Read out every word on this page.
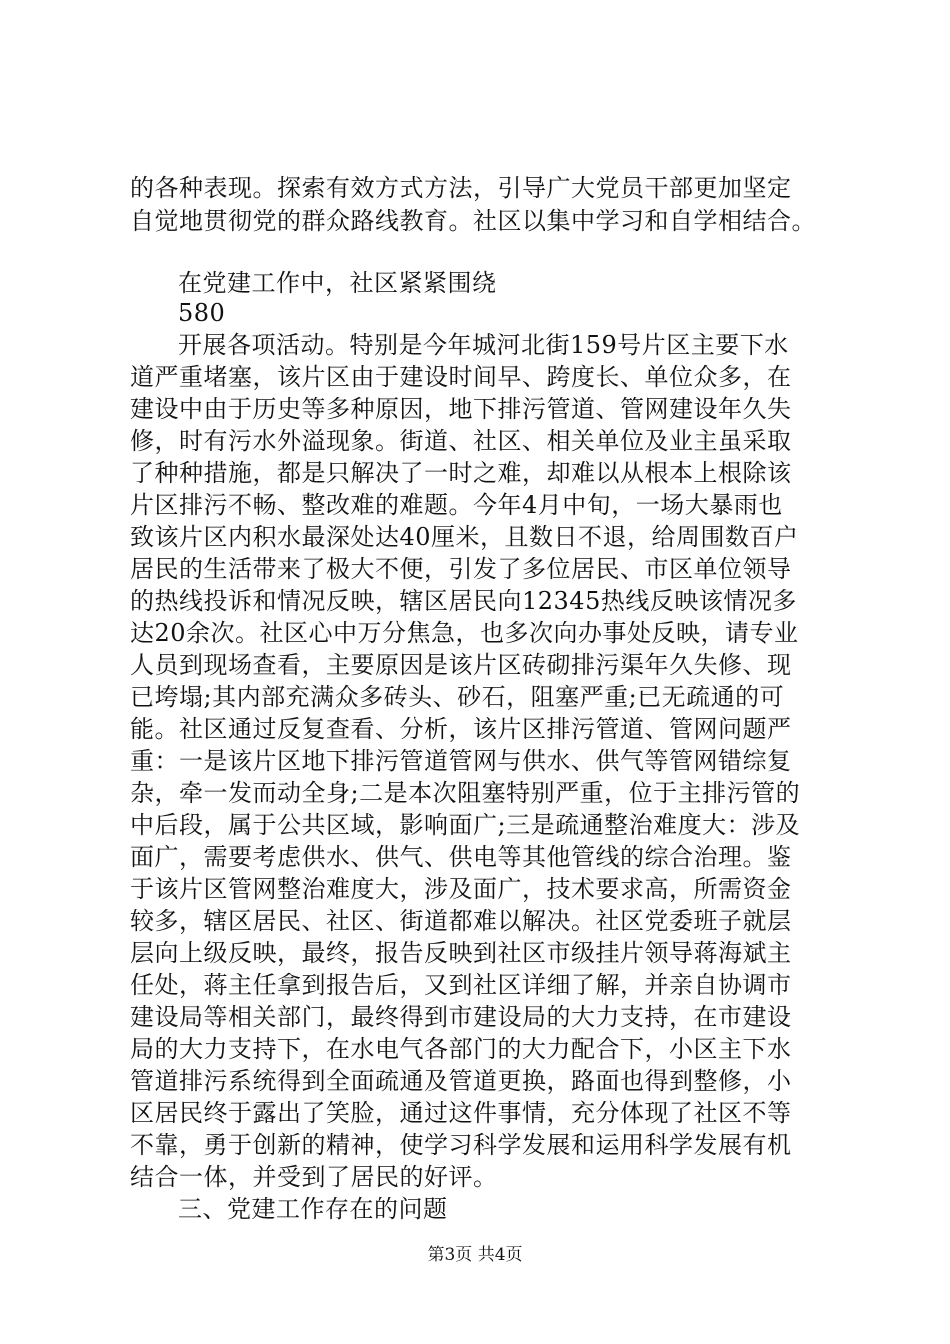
的各种表现。探索有效方式方法，引导广大党员干部更加坚定
自觉地贯彻党的群众路线教育。社区以集中学习和自学相结合。
在党建工作中，社区紧紧围绕
580
开展各项活动。特别是今年城河北街159号片区主要下水
道严重堵塞，该片区由于建设时间早、跨度长、单位众多，在
建设中由于历史等多种原因，地下排污管道、管网建设年久失
修，时有污水外溢现象。街道、社区、相关单位及业主虽采取
了种种措施，都是只解决了一时之难，却难以从根本上根除该
片区排污不畅、整改难的难题。今年4月中旬，一场大暴雨也
致该片区内积水最深处达40厘米，且数日不退，给周围数百户
居民的生活带来了极大不便，引发了多位居民、市区单位领导
的热线投诉和情况反映，辖区居民向12345热线反映该情况多
达20余次。社区心中万分焦急，也多次向办事处反映，请专业
人员到现场查看，主要原因是该片区砖砌排污渠年久失修、现
已垮塌;其内部充满众多砖头、砂石，阻塞严重;已无疏通的可
能。社区通过反复查看、分析，该片区排污管道、管网问题严
重：一是该片区地下排污管道管网与供水、供气等管网错综复
杂，牵一发而动全身;二是本次阻塞特别严重，位于主排污管的
中后段，属于公共区域，影响面广;三是疏通整治难度大：涉及
面广，需要考虑供水、供气、供电等其他管线的综合治理。鉴
于该片区管网整治难度大，涉及面广，技术要求高，所需资金
较多，辖区居民、社区、街道都难以解决。社区党委班子就层
层向上级反映，最终，报告反映到社区市级挂片领导蒋海斌主
任处，蒋主任拿到报告后，又到社区详细了解，并亲自协调市
建设局等相关部门，最终得到市建设局的大力支持，在市建设
局的大力支持下，在水电气各部门的大力配合下，小区主下水
管道排污系统得到全面疏通及管道更换，路面也得到整修，小
区居民终于露出了笑脸，通过这件事情，充分体现了社区不等
不靠，勇于创新的精神，使学习科学发展和运用科学发展有机
结合一体，并受到了居民的好评。
三、党建工作存在的问题
第3页 共4页
